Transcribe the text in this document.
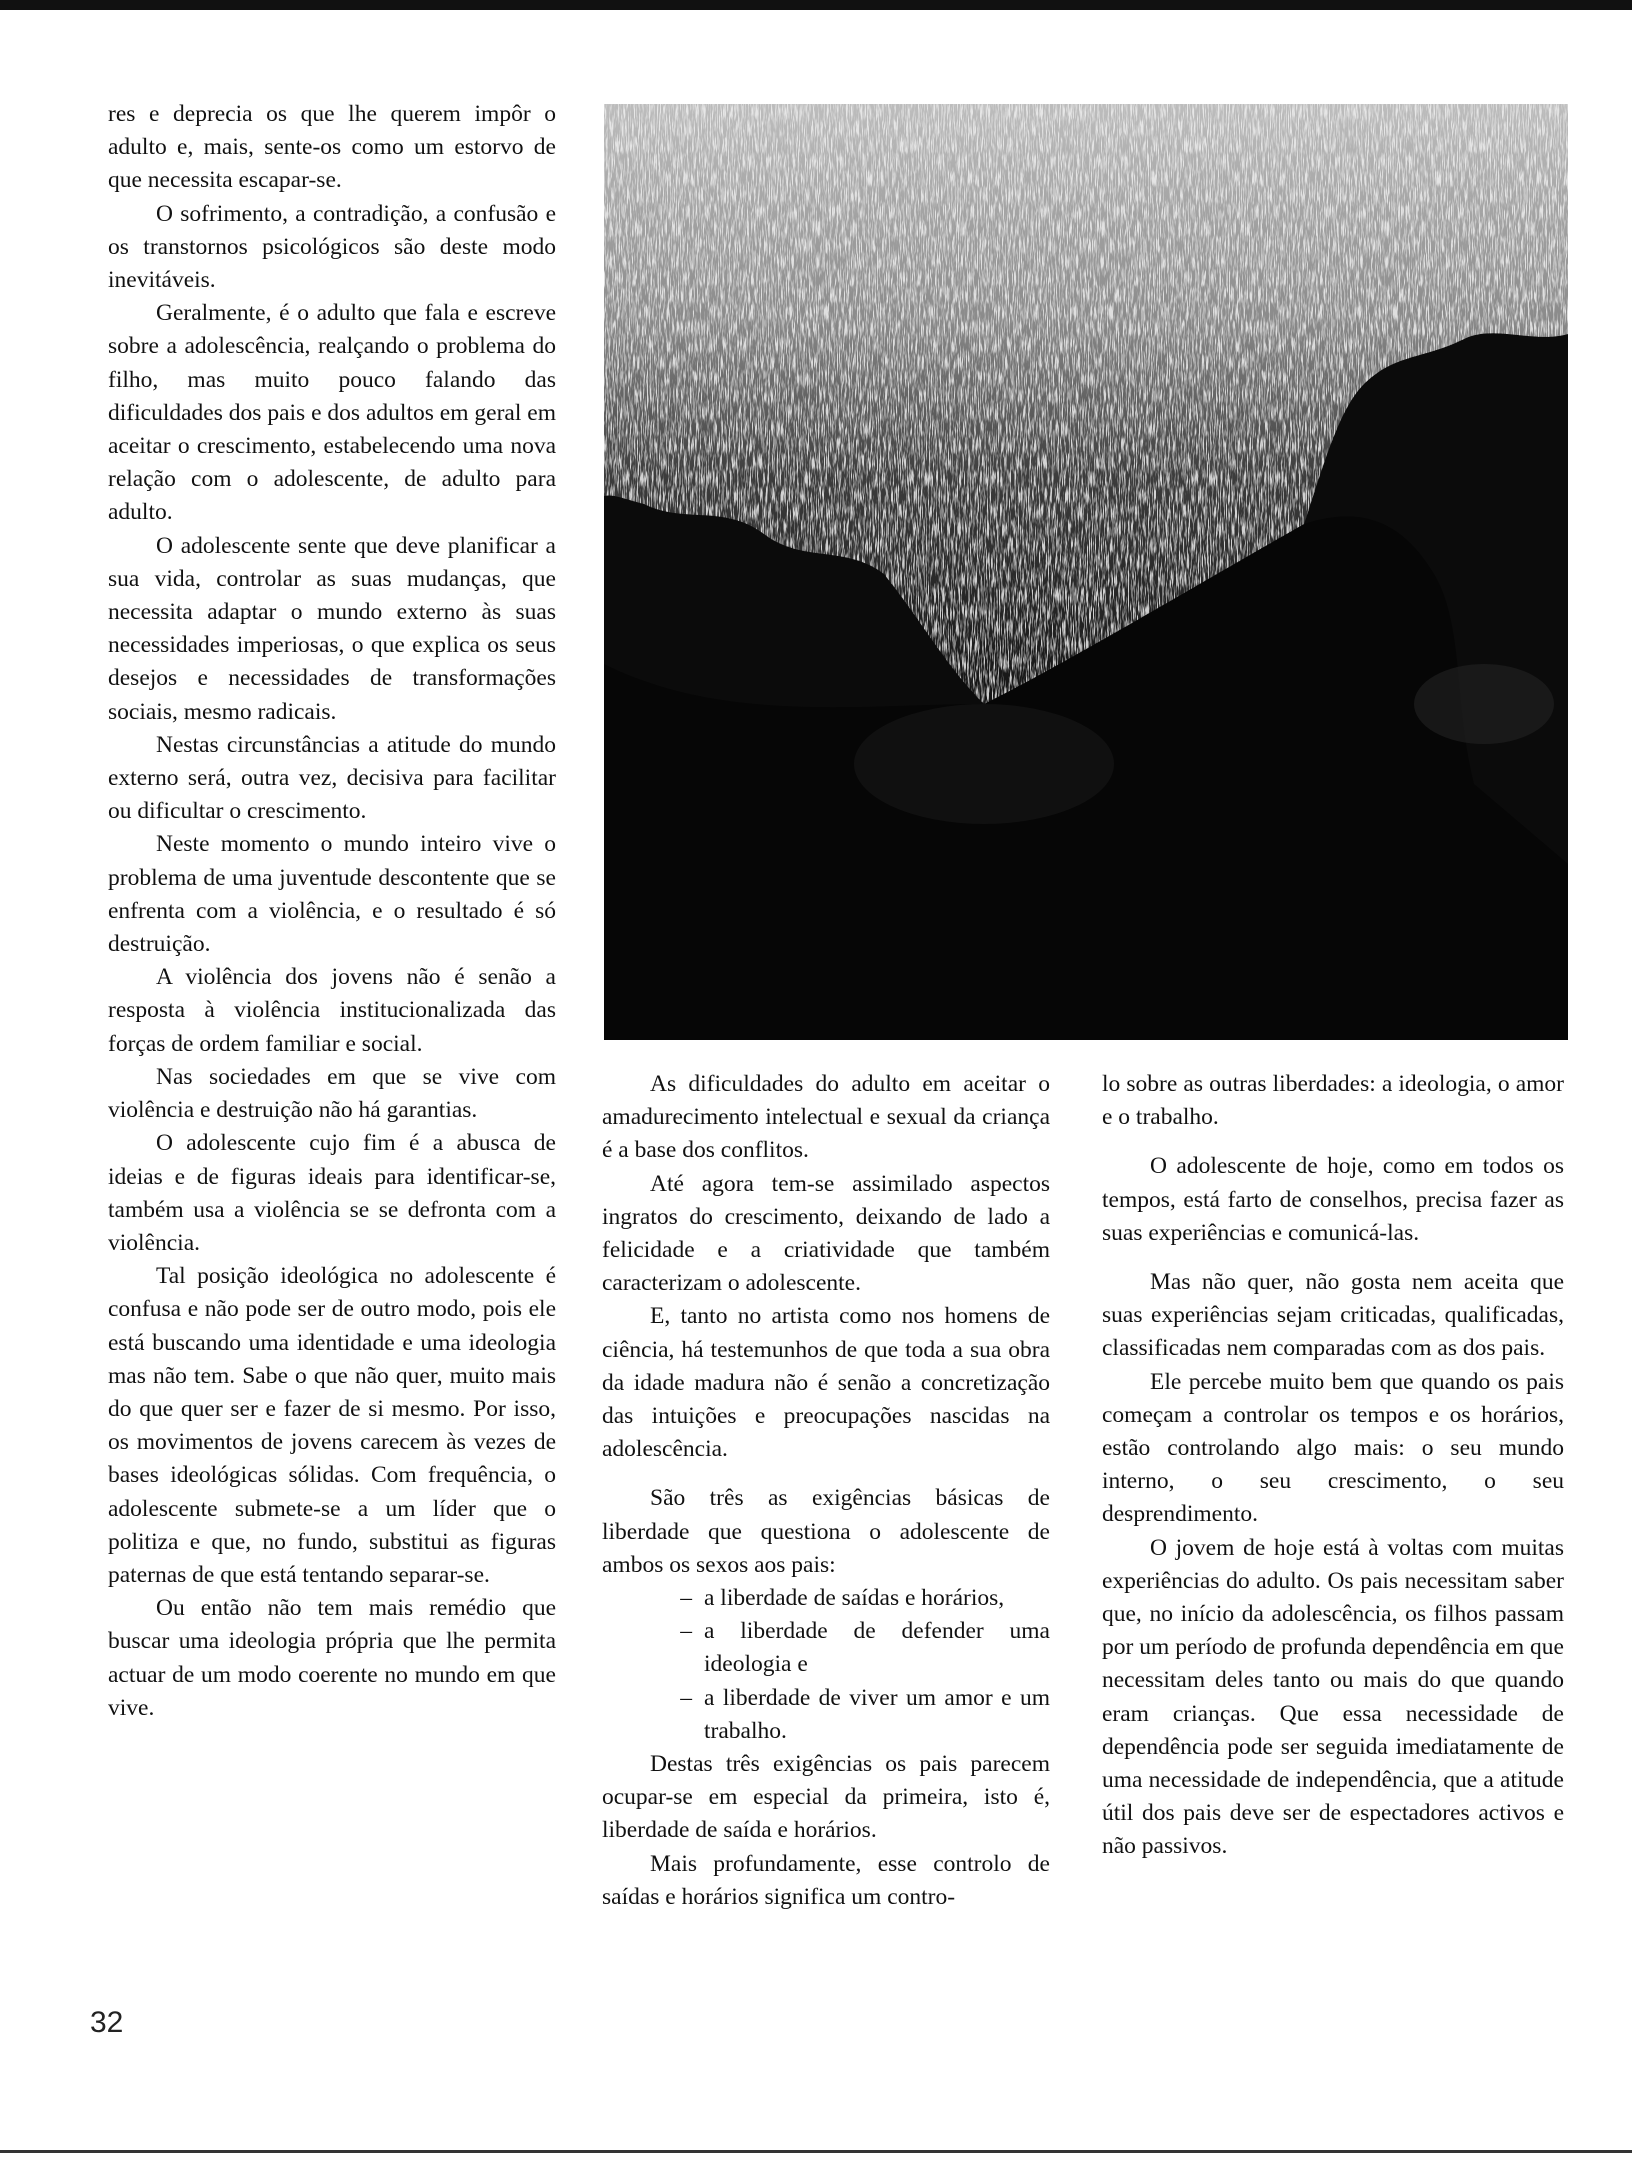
res e deprecia os que lhe querem impôr o adulto e, mais, sente-os como um estorvo de que necessita escapar-se.

O sofrimento, a contradição, a confusão e os transtornos psicológicos são deste modo inevitáveis.

Geralmente, é o adulto que fala e escreve sobre a adolescência, realçando o problema do filho, mas muito pouco falando das dificuldades dos pais e dos adultos em geral em aceitar o crescimento, estabelecendo uma nova relação com o adolescente, de adulto para adulto.

O adolescente sente que deve planificar a sua vida, controlar as suas mudanças, que necessita adaptar o mundo externo às suas necessidades imperiosas, o que explica os seus desejos e necessidades de transformações sociais, mesmo radicais.

Nestas circunstâncias a atitude do mundo externo será, outra vez, decisiva para facilitar ou dificultar o crescimento.

Neste momento o mundo inteiro vive o problema de uma juventude descontente que se enfrenta com a violência, e o resultado é só destruição.

A violência dos jovens não é senão a resposta à violência institucionalizada das forças de ordem familiar e social.

Nas sociedades em que se vive com violência e destruição não há garantias.

O adolescente cujo fim é a abusca de ideias e de figuras ideais para identificar-se, também usa a violência se se defronta com a violência.

Tal posição ideológica no adolescente é confusa e não pode ser de outro modo, pois ele está buscando uma identidade e uma ideologia mas não tem. Sabe o que não quer, muito mais do que quer ser e fazer de si mesmo. Por isso, os movimentos de jovens carecem às vezes de bases ideológicas sólidas. Com frequência, o adolescente submete-se a um líder que o politiza e que, no fundo, substitui as figuras paternas de que está tentando separar-se.

Ou então não tem mais remédio que buscar uma ideologia própria que lhe permita actuar de um modo coerente no mundo em que vive.

As dificuldades do adulto em aceitar o amadurecimento intelectual e sexual da criança é a base dos conflitos.

Até agora tem-se assimilado aspectos ingratos do crescimento, deixando de lado a felicidade e a criatividade que também caracterizam o adolescente.

E, tanto no artista como nos homens de ciência, há testemunhos de que toda a sua obra da idade madura não é senão a concretização das intuições e preocupações nascidas na adolescência.

São três as exigências básicas de liberdade que questiona o adolescente de ambos os sexos aos pais:

– a liberdade de saídas e horários,
– a liberdade de defender uma ideologia e
– a liberdade de viver um amor e um trabalho.

Destas três exigências os pais parecem ocupar-se em especial da primeira, isto é, liberdade de saída e horários.

Mais profundamente, esse controlo de saídas e horários significa um contro-

lo sobre as outras liberdades: a ideologia, o amor e o trabalho.

O adolescente de hoje, como em todos os tempos, está farto de conselhos, precisa fazer as suas experiências e comunicá-las.

Mas não quer, não gosta nem aceita que suas experiências sejam criticadas, qualificadas, classificadas nem comparadas com as dos pais.

Ele percebe muito bem que quando os pais começam a controlar os tempos e os horários, estão controlando algo mais: o seu mundo interno, o seu crescimento, o seu desprendimento.

O jovem de hoje está à voltas com muitas experiências do adulto. Os pais necessitam saber que, no início da adolescência, os filhos passam por um período de profunda dependência em que necessitam deles tanto ou mais do que quando eram crianças. Que essa necessidade de dependência pode ser seguida imediatamente de uma necessidade de independência, que a atitude útil dos pais deve ser de espectadores activos e não passivos.

32
